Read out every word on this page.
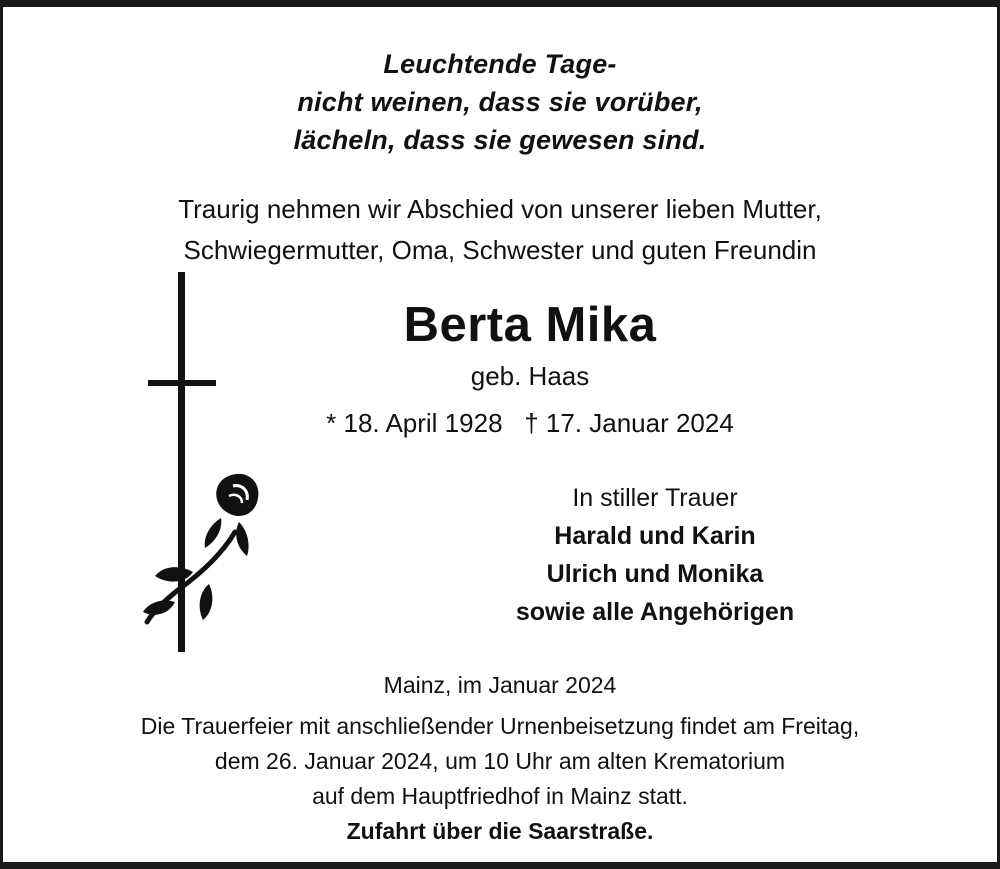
Leuchtende Tage-
nicht weinen, dass sie vorüber,
lächeln, dass sie gewesen sind.
Traurig nehmen wir Abschied von unserer lieben Mutter,
Schwiegermutter, Oma, Schwester und guten Freundin
Berta Mika
geb. Haas
* 18. April 1928   † 17. Januar 2024
In stiller Trauer
Harald und Karin
Ulrich und Monika
sowie alle Angehörigen
Mainz, im Januar 2024
Die Trauerfeier mit anschließender Urnenbeisetzung findet am Freitag,
dem 26. Januar 2024, um 10 Uhr am alten Krematorium
auf dem Hauptfriedhof in Mainz statt.
Zufahrt über die Saarstraße.
